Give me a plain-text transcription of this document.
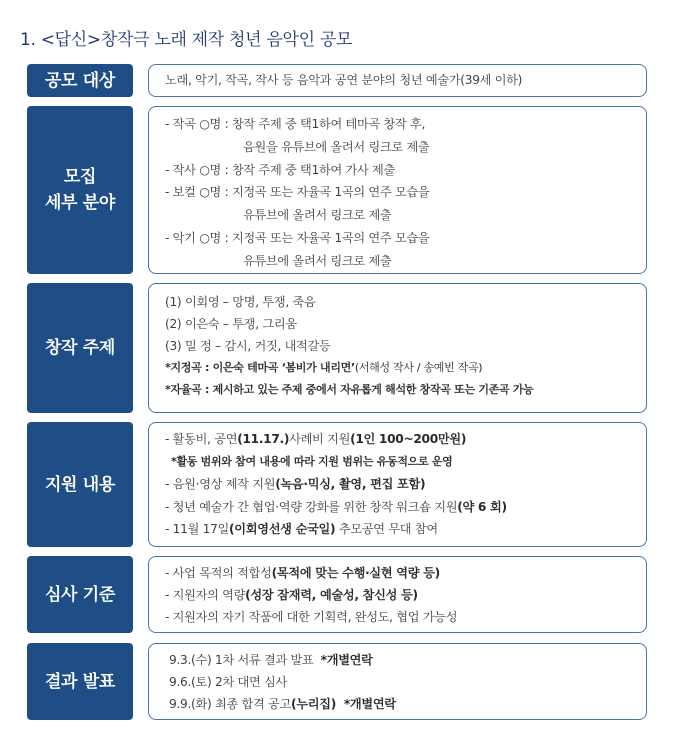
1. <답신>창작극 노래 제작 청년 음악인 공모
공모 대상	노래, 악기, 작곡, 작사 등 음악과 공연 분야의 청년 예술가(39세 이하)
모집
세부 분야
- 작곡 ○명 : 창작 주제 중 택1하여 테마곡 창작 후,
음원을 유튜브에 올려서 링크로 제출
- 작사 ○명 : 창작 주제 중 택1하여 가사 제출
- 보컬 ○명 : 지정곡 또는 자율곡 1곡의 연주 모습을
유튜브에 올려서 링크로 제출
- 악기 ○명 : 지정곡 또는 자율곡 1곡의 연주 모습을
유튜브에 올려서 링크로 제출
창작 주제
(1) 이회영 – 망명, 투쟁, 죽음
(2) 이은숙 – 투쟁, 그리움
(3) 밀 정 – 감시, 거짓, 내적갈등
*지정곡 : 이은숙 테마곡 ‘봄비가 내리면’(서해성 작사 / 송예빈 작곡)
*자율곡 : 제시하고 있는 주제 중에서 자유롭게 해석한 창작곡 또는 기존곡 가능
지원 내용
- 활동비, 공연(11.17.)사례비 지원(1인 100~200만원)
*활동 범위와 참여 내용에 따라 지원 범위는 유동적으로 운영
- 음원·영상 제작 지원(녹음·믹싱, 촬영, 편집 포함)
- 청년 예술가 간 협업·역량 강화를 위한 창작 워크숍 지원(약 6 회)
- 11월 17일(이회영선생 순국일) 추모공연 무대 참여
심사 기준
- 사업 목적의 적합성(목적에 맞는 수행·실현 역량 등)
- 지원자의 역량(성장 잠재력, 예술성, 참신성 등)
- 지원자의 자기 작품에 대한 기획력, 완성도, 협업 가능성
결과 발표
9.3.(수) 1차 서류 결과 발표  *개별연락
9.6.(토) 2차 대면 심사
9.9.(화) 최종 합격 공고(누리집)  *개별연락
